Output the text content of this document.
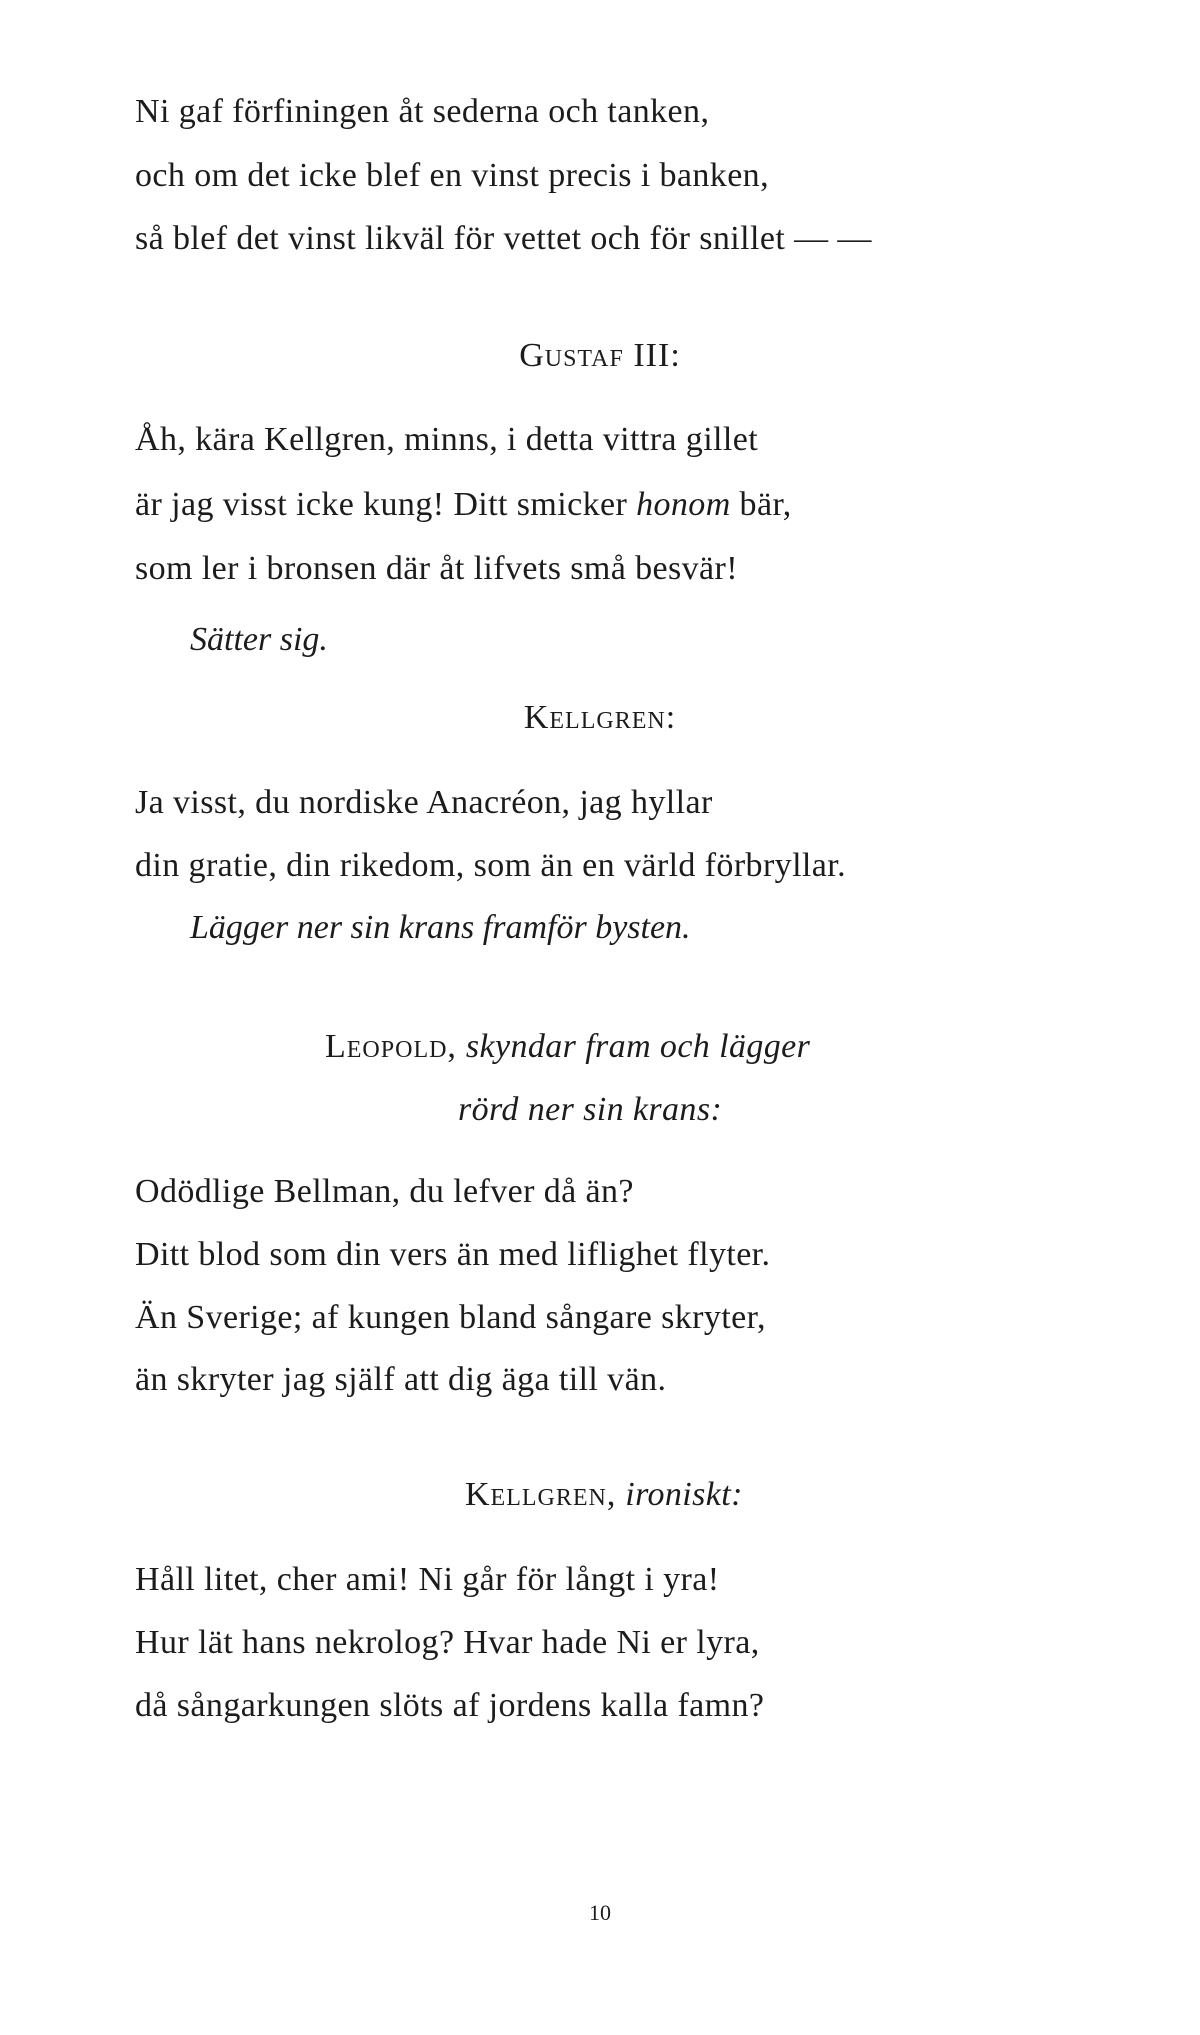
Ni gaf förfiningen åt sederna och tanken,
och om det icke blef en vinst precis i banken,
så blef det vinst likväl för vettet och för snillet — —
Gustaf III:
Åh, kära Kellgren, minns, i detta vittra gillet
är jag visst icke kung! Ditt smicker honom bär,
som ler i bronsen där åt lifvets små besvär!
Sätter sig.
Kellgren:
Ja visst, du nordiske Anacréon, jag hyllar
din gratie, din rikedom, som än en värld förbryllar.
Lägger ner sin krans framför bysten.
Leopold, skyndar fram och lägger
rörd ner sin krans:
Odödlige Bellman, du lefver då än?
Ditt blod som din vers än med liflighet flyter.
Än Sverige; af kungen bland sångare skryter,
än skryter jag själf att dig äga till vän.
Kellgren, ironiskt:
Håll litet, cher ami! Ni går för långt i yra!
Hur lät hans nekrolog? Hvar hade Ni er lyra,
då sångarkungen slöts af jordens kalla famn?
10
